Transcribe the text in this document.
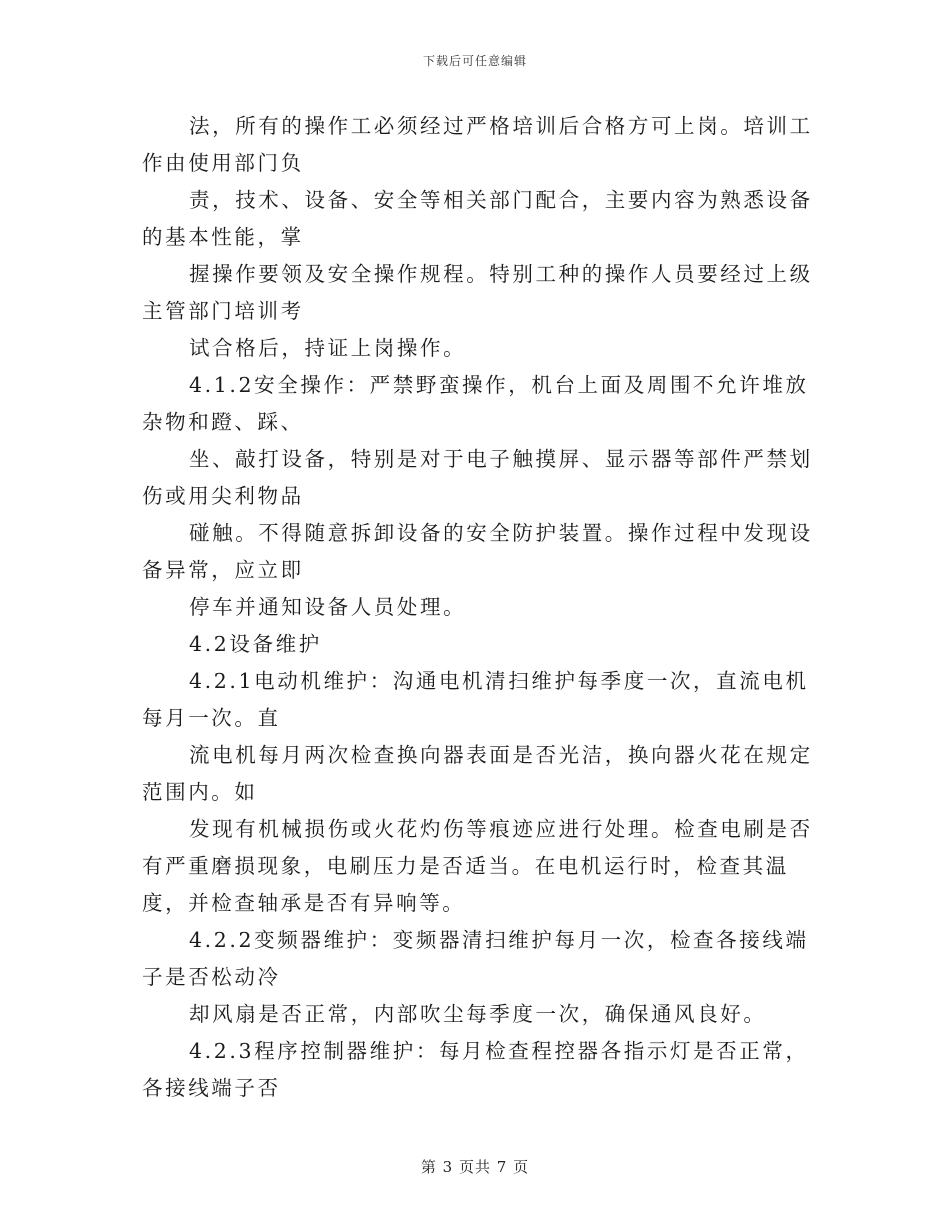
下载后可任意编辑

法，所有的操作工必须经过严格培训后合格方可上岗。培训工作由使用部门负

责，技术、设备、安全等相关部门配合，主要内容为熟悉设备的基本性能，掌

握操作要领及安全操作规程。特别工种的操作人员要经过上级主管部门培训考

试合格后，持证上岗操作。

4.1.2安全操作：严禁野蛮操作，机台上面及周围不允许堆放杂物和蹬、踩、

坐、敲打设备，特别是对于电子触摸屏、显示器等部件严禁划伤或用尖利物品

碰触。不得随意拆卸设备的安全防护装置。操作过程中发现设备异常，应立即

停车并通知设备人员处理。

4.2设备维护

4.2.1电动机维护：沟通电机清扫维护每季度一次，直流电机每月一次。直

流电机每月两次检查换向器表面是否光洁，换向器火花在规定范围内。如

发现有机械损伤或火花灼伤等痕迹应进行处理。检查电刷是否有严重磨损现象，电刷压力是否适当。在电机运行时，检查其温度，并检查轴承是否有异响等。

4.2.2变频器维护：变频器清扫维护每月一次，检查各接线端子是否松动冷

却风扇是否正常，内部吹尘每季度一次，确保通风良好。

4.2.3程序控制器维护：每月检查程控器各指示灯是否正常，各接线端子否

第 3 页共 7 页
